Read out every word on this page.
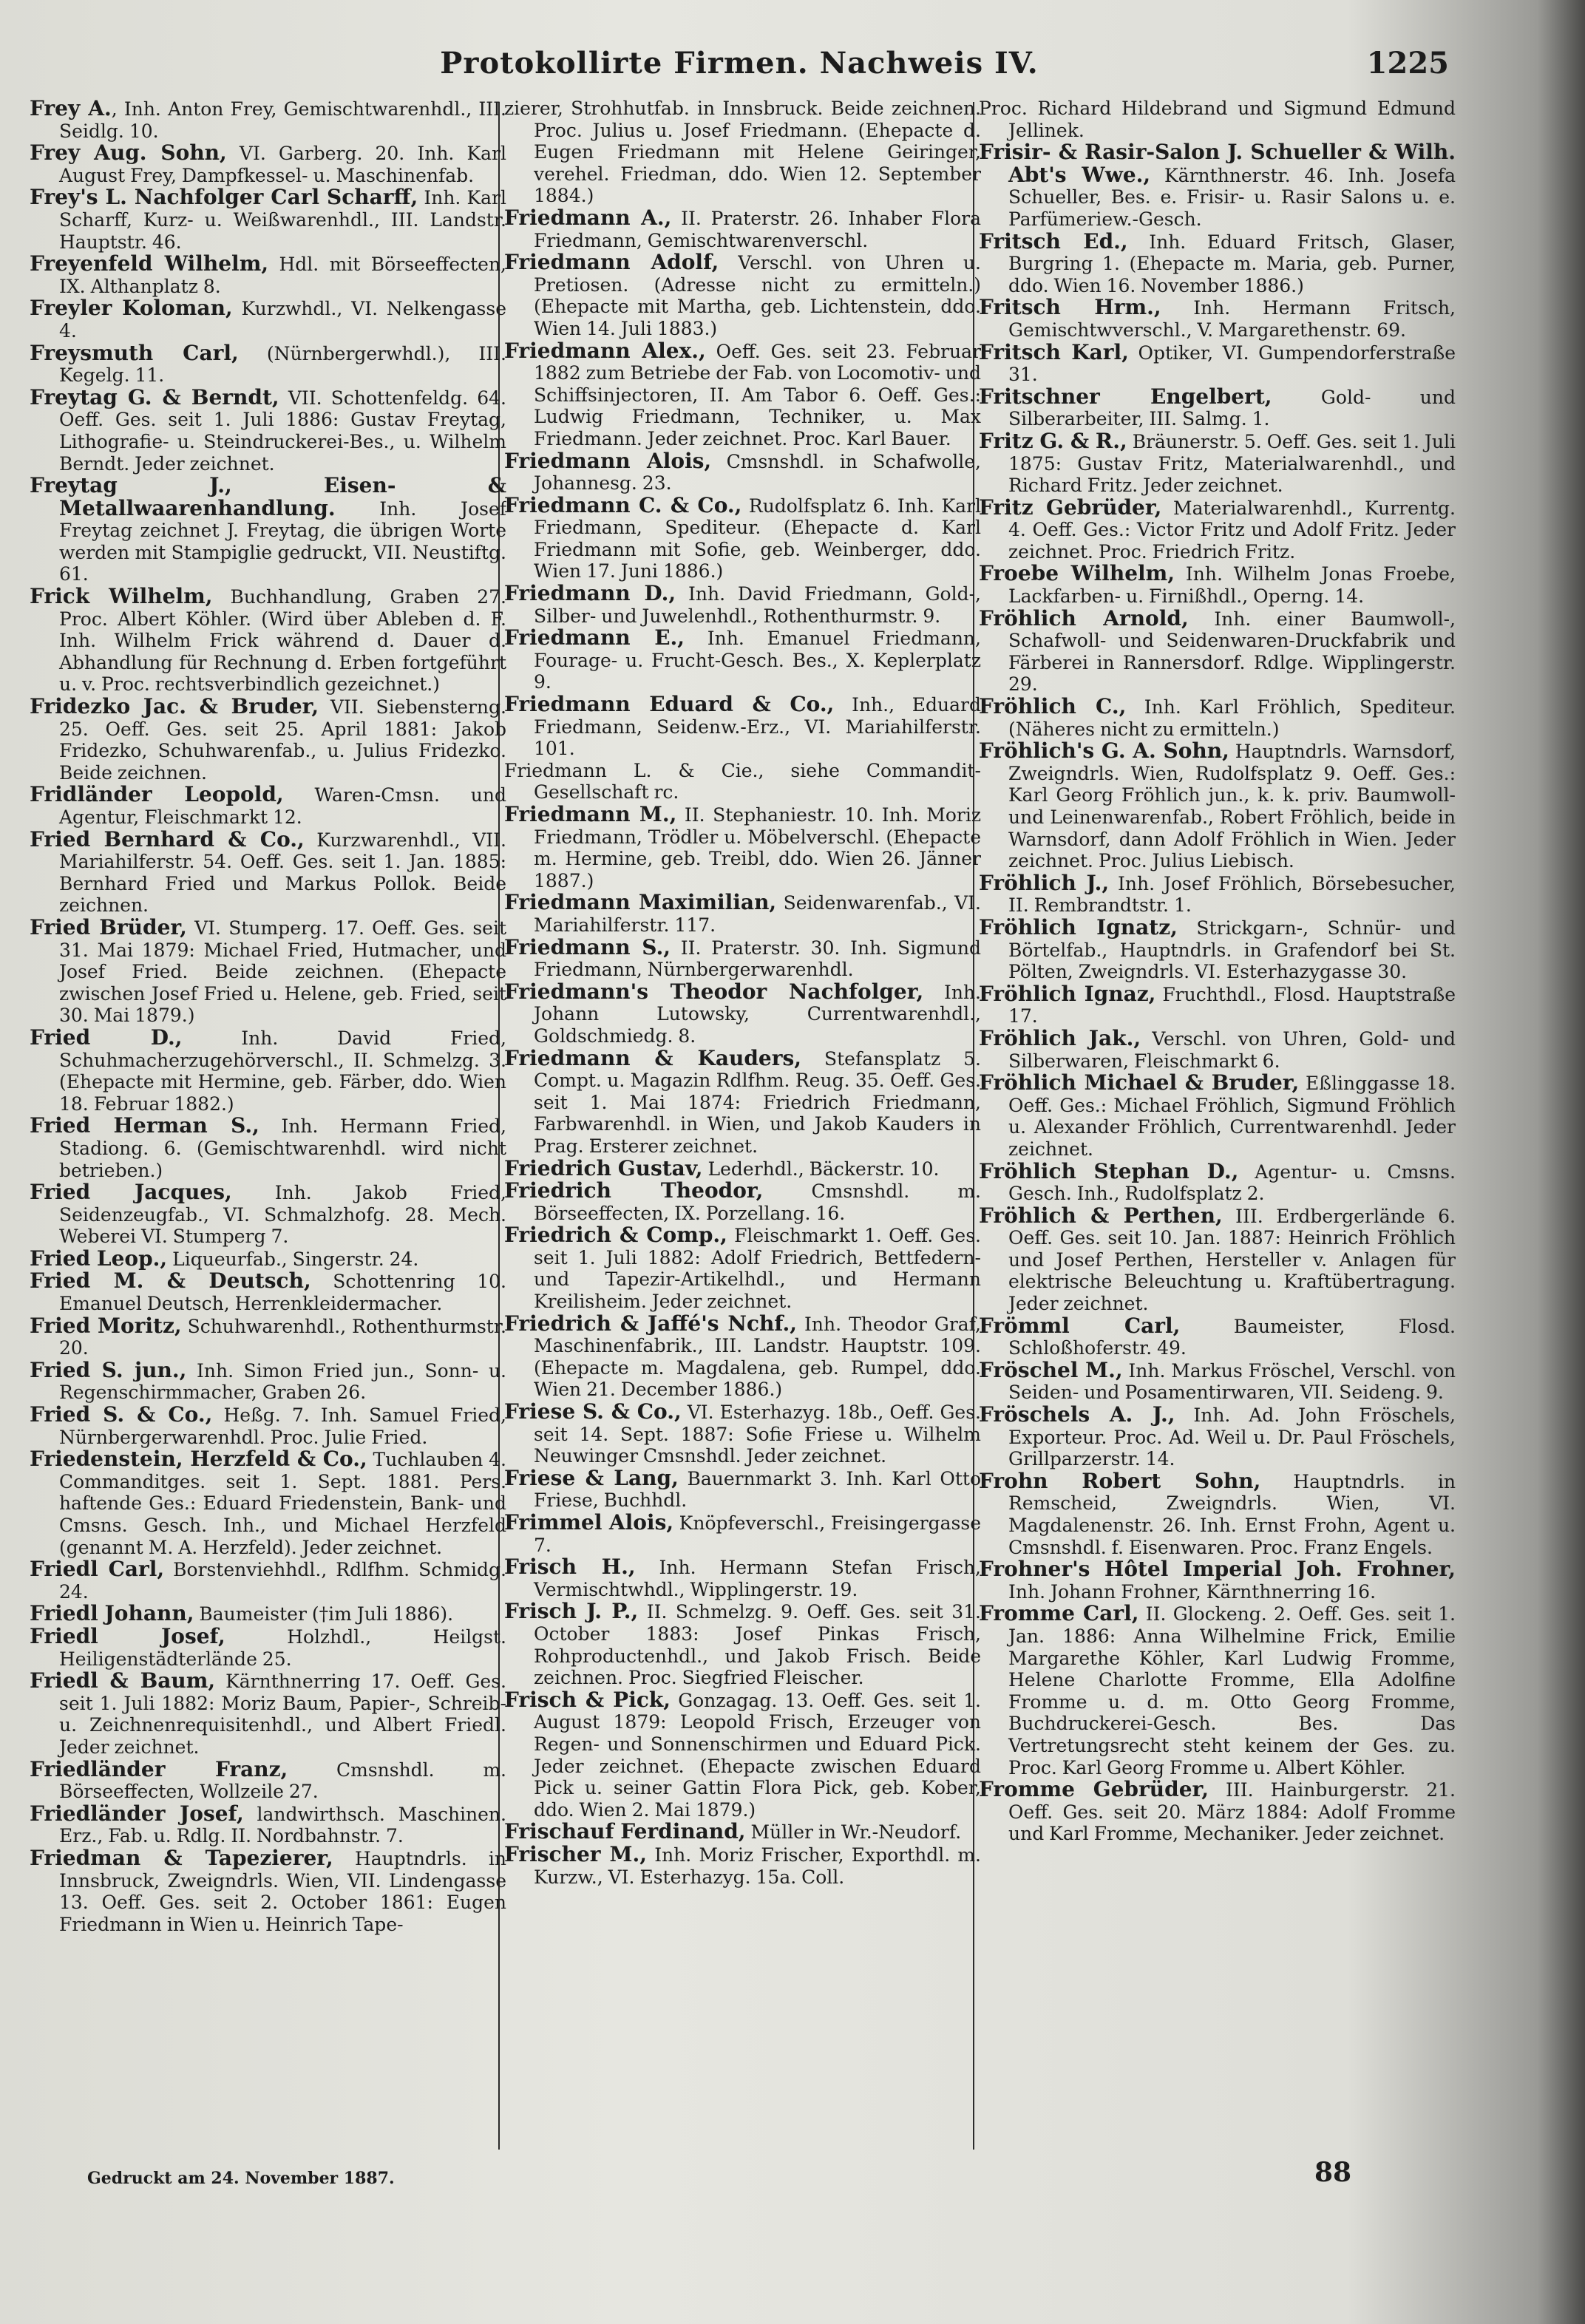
Protokollirte Firmen. Nachweis IV.	1225

Frey A., Inh. Anton Frey, Gemischtwarenhdl., III. Seidlg. 10.

Frey Aug. Sohn, VI. Garberg. 20. Inh. Karl August Frey, Dampfkessel- u. Maschinenfab.

Frey's L. Nachfolger Carl Scharff, Inh. Karl Scharff, Kurz- u. Weißwarenhdl., III. Landstr. Hauptstr. 46.

Freyenfeld Wilhelm, Hdl. mit Börseeffecten, IX. Althanplatz 8.

Freyler Koloman, Kurzwhdl., VI. Nelkengasse 4.

Freysmuth Carl, (Nürnbergerwhdl.), III. Kegelg. 11.

Freytag G. & Berndt, VII. Schottenfeldg. 64. Oeff. Ges. seit 1. Juli 1886: Gustav Freytag, Lithografie- u. Steindruckerei-Bes., u. Wilhelm Berndt. Jeder zeichnet.

Freytag J., Eisen- & Metallwaarenhandlung. Inh. Josef Freytag zeichnet J. Freytag, die übrigen Worte werden mit Stampiglie gedruckt, VII. Neustiftg. 61.

Frick Wilhelm, Buchhandlung, Graben 27. Proc. Albert Köhler. (Wird über Ableben d. F. Inh. Wilhelm Frick während d. Dauer d. Abhandlung für Rechnung d. Erben fortgeführt u. v. Proc. rechtsverbindlich gezeichnet.)

Fridezko Jac. & Bruder, VII. Siebensterng. 25. Oeff. Ges. seit 25. April 1881: Jakob Fridezko, Schuhwarenfab., u. Julius Fridezko. Beide zeichnen.

Fridländer Leopold, Waren-Cmsn. und Agentur, Fleischmarkt 12.

Fried Bernhard & Co., Kurzwarenhdl., VII. Mariahilferstr. 54. Oeff. Ges. seit 1. Jan. 1885: Bernhard Fried und Markus Pollok. Beide zeichnen.

Fried Brüder, VI. Stumperg. 17. Oeff. Ges. seit 31. Mai 1879: Michael Fried, Hutmacher, und Josef Fried. Beide zeichnen. (Ehepacte zwischen Josef Fried u. Helene, geb. Fried, seit 30. Mai 1879.)

Fried D., Inh. David Fried, Schuhmacherzugehörverschl., II. Schmelzg. 3. (Ehepacte mit Hermine, geb. Färber, ddo. Wien 18. Februar 1882.)

Fried Herman S., Inh. Hermann Fried, Stadiong. 6. (Gemischtwarenhdl. wird nicht betrieben.)

Fried Jacques, Inh. Jakob Fried, Seidenzeugfab., VI. Schmalzhofg. 28. Mech. Weberei VI. Stumperg 7.

Fried Leop., Liqueurfab., Singerstr. 24.

Fried M. & Deutsch, Schottenring 10. Emanuel Deutsch, Herrenkleidermacher.

Fried Moritz, Schuhwarenhdl., Rothenthurmstr. 20.

Fried S. jun., Inh. Simon Fried jun., Sonn- u. Regenschirmmacher, Graben 26.

Fried S. & Co., Heßg. 7. Inh. Samuel Fried, Nürnbergerwarenhdl. Proc. Julie Fried.

Friedenstein, Herzfeld & Co., Tuchlauben 4. Commanditges. seit 1. Sept. 1881. Pers. haftende Ges.: Eduard Friedenstein, Bank- und Cmsns. Gesch. Inh., und Michael Herzfeld (genannt M. A. Herzfeld). Jeder zeichnet.

Friedl Carl, Borstenviehhdl., Rdlfhm. Schmidg. 24.

Friedl Johann, Baumeister (†im Juli 1886).

Friedl Josef, Holzhdl., Heilgst. Heiligenstädterlände 25.

Friedl & Baum, Kärnthnerring 17. Oeff. Ges. seit 1. Juli 1882: Moriz Baum, Papier-, Schreib- u. Zeichnenrequisitenhdl., und Albert Friedl. Jeder zeichnet.

Friedländer Franz, Cmsnshdl. m. Börseeffecten, Wollzeile 27.

Friedländer Josef, landwirthsch. Maschinen. Erz., Fab. u. Rdlg. II. Nordbahnstr. 7.

Friedman & Tapezierer, Hauptndrls. in Innsbruck, Zweigndrls. Wien, VII. Lindengasse 13. Oeff. Ges. seit 2. October 1861: Eugen Friedmann in Wien u. Heinrich Tape-

zierer, Strohhutfab. in Innsbruck. Beide zeichnen. Proc. Julius u. Josef Friedmann. (Ehepacte d. Eugen Friedmann mit Helene Geiringer, verehel. Friedman, ddo. Wien 12. September 1884.)

Friedmann A., II. Praterstr. 26. Inhaber Flora Friedmann, Gemischtwarenverschl.

Friedmann Adolf, Verschl. von Uhren u. Pretiosen. (Adresse nicht zu ermitteln.) (Ehepacte mit Martha, geb. Lichtenstein, ddo. Wien 14. Juli 1883.)

Friedmann Alex., Oeff. Ges. seit 23. Februar 1882 zum Betriebe der Fab. von Locomotiv- und Schiffsinjectoren, II. Am Tabor 6. Oeff. Ges.: Ludwig Friedmann, Techniker, u. Max Friedmann. Jeder zeichnet. Proc. Karl Bauer.

Friedmann Alois, Cmsnshdl. in Schafwolle, Johannesg. 23.

Friedmann C. & Co., Rudolfsplatz 6. Inh. Karl Friedmann, Spediteur. (Ehepacte d. Karl Friedmann mit Sofie, geb. Weinberger, ddo. Wien 17. Juni 1886.)

Friedmann D., Inh. David Friedmann, Gold-, Silber- und Juwelenhdl., Rothenthurmstr. 9.

Friedmann E., Inh. Emanuel Friedmann, Fourage- u. Frucht-Gesch. Bes., X. Keplerplatz 9.

Friedmann Eduard & Co., Inh., Eduard Friedmann, Seidenw.-Erz., VI. Mariahilferstr. 101.

Friedmann L. & Cie., siehe Commandit-Gesellschaft rc.

Friedmann M., II. Stephaniestr. 10. Inh. Moriz Friedmann, Trödler u. Möbelverschl. (Ehepacte m. Hermine, geb. Treibl, ddo. Wien 26. Jänner 1887.)

Friedmann Maximilian, Seidenwarenfab., VI. Mariahilferstr. 117.

Friedmann S., II. Praterstr. 30. Inh. Sigmund Friedmann, Nürnbergerwarenhdl.

Friedmann's Theodor Nachfolger, Inh. Johann Lutowsky, Currentwarenhdl., Goldschmiedg. 8.

Friedmann & Kauders, Stefansplatz 5. Compt. u. Magazin Rdlfhm. Reug. 35. Oeff. Ges. seit 1. Mai 1874: Friedrich Friedmann, Farbwarenhdl. in Wien, und Jakob Kauders in Prag. Ersterer zeichnet.

Friedrich Gustav, Lederhdl., Bäckerstr. 10.

Friedrich Theodor, Cmsnshdl. m. Börseeffecten, IX. Porzellang. 16.

Friedrich & Comp., Fleischmarkt 1. Oeff. Ges. seit 1. Juli 1882: Adolf Friedrich, Bettfedern- und Tapezir-Artikelhdl., und Hermann Kreilisheim. Jeder zeichnet.

Friedrich & Jaffé's Nchf., Inh. Theodor Graf, Maschinenfabrik., III. Landstr. Hauptstr. 109. (Ehepacte m. Magdalena, geb. Rumpel, ddo. Wien 21. December 1886.)

Friese S. & Co., VI. Esterhazyg. 18b., Oeff. Ges. seit 14. Sept. 1887: Sofie Friese u. Wilhelm Neuwinger Cmsnshdl. Jeder zeichnet.

Friese & Lang, Bauernmarkt 3. Inh. Karl Otto Friese, Buchhdl.

Frimmel Alois, Knöpfeverschl., Freisingergasse 7.

Frisch H., Inh. Hermann Stefan Frisch, Vermischtwhdl., Wipplingerstr. 19.

Frisch J. P., II. Schmelzg. 9. Oeff. Ges. seit 31. October 1883: Josef Pinkas Frisch, Rohproductenhdl., und Jakob Frisch. Beide zeichnen. Proc. Siegfried Fleischer.

Frisch & Pick, Gonzagag. 13. Oeff. Ges. seit 1. August 1879: Leopold Frisch, Erzeuger von Regen- und Sonnenschirmen und Eduard Pick. Jeder zeichnet. (Ehepacte zwischen Eduard Pick u. seiner Gattin Flora Pick, geb. Kober, ddo. Wien 2. Mai 1879.)

Frischauf Ferdinand, Müller in Wr.-Neudorf.

Frischer M., Inh. Moriz Frischer, Exporthdl. m. Kurzw., VI. Esterhazyg. 15a. Coll.

Proc. Richard Hildebrand und Sigmund Edmund Jellinek.

Frisir- & Rasir-Salon J. Schueller & Wilh. Abt's Wwe., Kärnthnerstr. 46. Inh. Josefa Schueller, Bes. e. Frisir- u. Rasir Salons u. e. Parfümeriew.-Gesch.

Fritsch Ed., Inh. Eduard Fritsch, Glaser, Burgring 1. (Ehepacte m. Maria, geb. Purner, ddo. Wien 16. November 1886.)

Fritsch Hrm., Inh. Hermann Fritsch, Gemischtwverschl., V. Margarethenstr. 69.

Fritsch Karl, Optiker, VI. Gumpendorferstraße 31.

Fritschner Engelbert, Gold- und Silberarbeiter, III. Salmg. 1.

Fritz G. & R., Bräunerstr. 5. Oeff. Ges. seit 1. Juli 1875: Gustav Fritz, Materialwarenhdl., und Richard Fritz. Jeder zeichnet.

Fritz Gebrüder, Materialwarenhdl., Kurrentg. 4. Oeff. Ges.: Victor Fritz und Adolf Fritz. Jeder zeichnet. Proc. Friedrich Fritz.

Froebe Wilhelm, Inh. Wilhelm Jonas Froebe, Lackfarben- u. Firnißhdl., Operng. 14.

Fröhlich Arnold, Inh. einer Baumwoll-, Schafwoll- und Seidenwaren-Druckfabrik und Färberei in Rannersdorf. Rdlge. Wipplingerstr. 29.

Fröhlich C., Inh. Karl Fröhlich, Spediteur. (Näheres nicht zu ermitteln.)

Fröhlich's G. A. Sohn, Hauptndrls. Warnsdorf, Zweigndrls. Wien, Rudolfsplatz 9. Oeff. Ges.: Karl Georg Fröhlich jun., k. k. priv. Baumwoll- und Leinenwarenfab., Robert Fröhlich, beide in Warnsdorf, dann Adolf Fröhlich in Wien. Jeder zeichnet. Proc. Julius Liebisch.

Fröhlich J., Inh. Josef Fröhlich, Börsebesucher, II. Rembrandtstr. 1.

Fröhlich Ignatz, Strickgarn-, Schnür- und Börtelfab., Hauptndrls. in Grafendorf bei St. Pölten, Zweigndrls. VI. Esterhazygasse 30.

Fröhlich Ignaz, Fruchthdl., Flosd. Hauptstraße 17.

Fröhlich Jak., Verschl. von Uhren, Gold- und Silberwaren, Fleischmarkt 6.

Fröhlich Michael & Bruder, Eßlinggasse 18. Oeff. Ges.: Michael Fröhlich, Sigmund Fröhlich u. Alexander Fröhlich, Currentwarenhdl. Jeder zeichnet.

Fröhlich Stephan D., Agentur- u. Cmsns. Gesch. Inh., Rudolfsplatz 2.

Fröhlich & Perthen, III. Erdbergerlände 6. Oeff. Ges. seit 10. Jan. 1887: Heinrich Fröhlich und Josef Perthen, Hersteller v. Anlagen für elektrische Beleuchtung u. Kraftübertragung. Jeder zeichnet.

Frömml Carl, Baumeister, Flosd. Schloßhoferstr. 49.

Fröschel M., Inh. Markus Fröschel, Verschl. von Seiden- und Posamentirwaren, VII. Seideng. 9.

Fröschels A. J., Inh. Ad. John Fröschels, Exporteur. Proc. Ad. Weil u. Dr. Paul Fröschels, Grillparzerstr. 14.

Frohn Robert Sohn, Hauptndrls. in Remscheid, Zweigndrls. Wien, VI. Magdalenenstr. 26. Inh. Ernst Frohn, Agent u. Cmsnshdl. f. Eisenwaren. Proc. Franz Engels.

Frohner's Hôtel Imperial Joh. Frohner, Inh. Johann Frohner, Kärnthnerring 16.

Fromme Carl, II. Glockeng. 2. Oeff. Ges. seit 1. Jan. 1886: Anna Wilhelmine Frick, Emilie Margarethe Köhler, Karl Ludwig Fromme, Helene Charlotte Fromme, Ella Adolfine Fromme u. d. m. Otto Georg Fromme, Buchdruckerei-Gesch. Bes. Das Vertretungsrecht steht keinem der Ges. zu. Proc. Karl Georg Fromme u. Albert Köhler.

Fromme Gebrüder, III. Hainburgerstr. 21. Oeff. Ges. seit 20. März 1884: Adolf Fromme und Karl Fromme, Mechaniker. Jeder zeichnet.

Gedruckt am 24. November 1887.	88
